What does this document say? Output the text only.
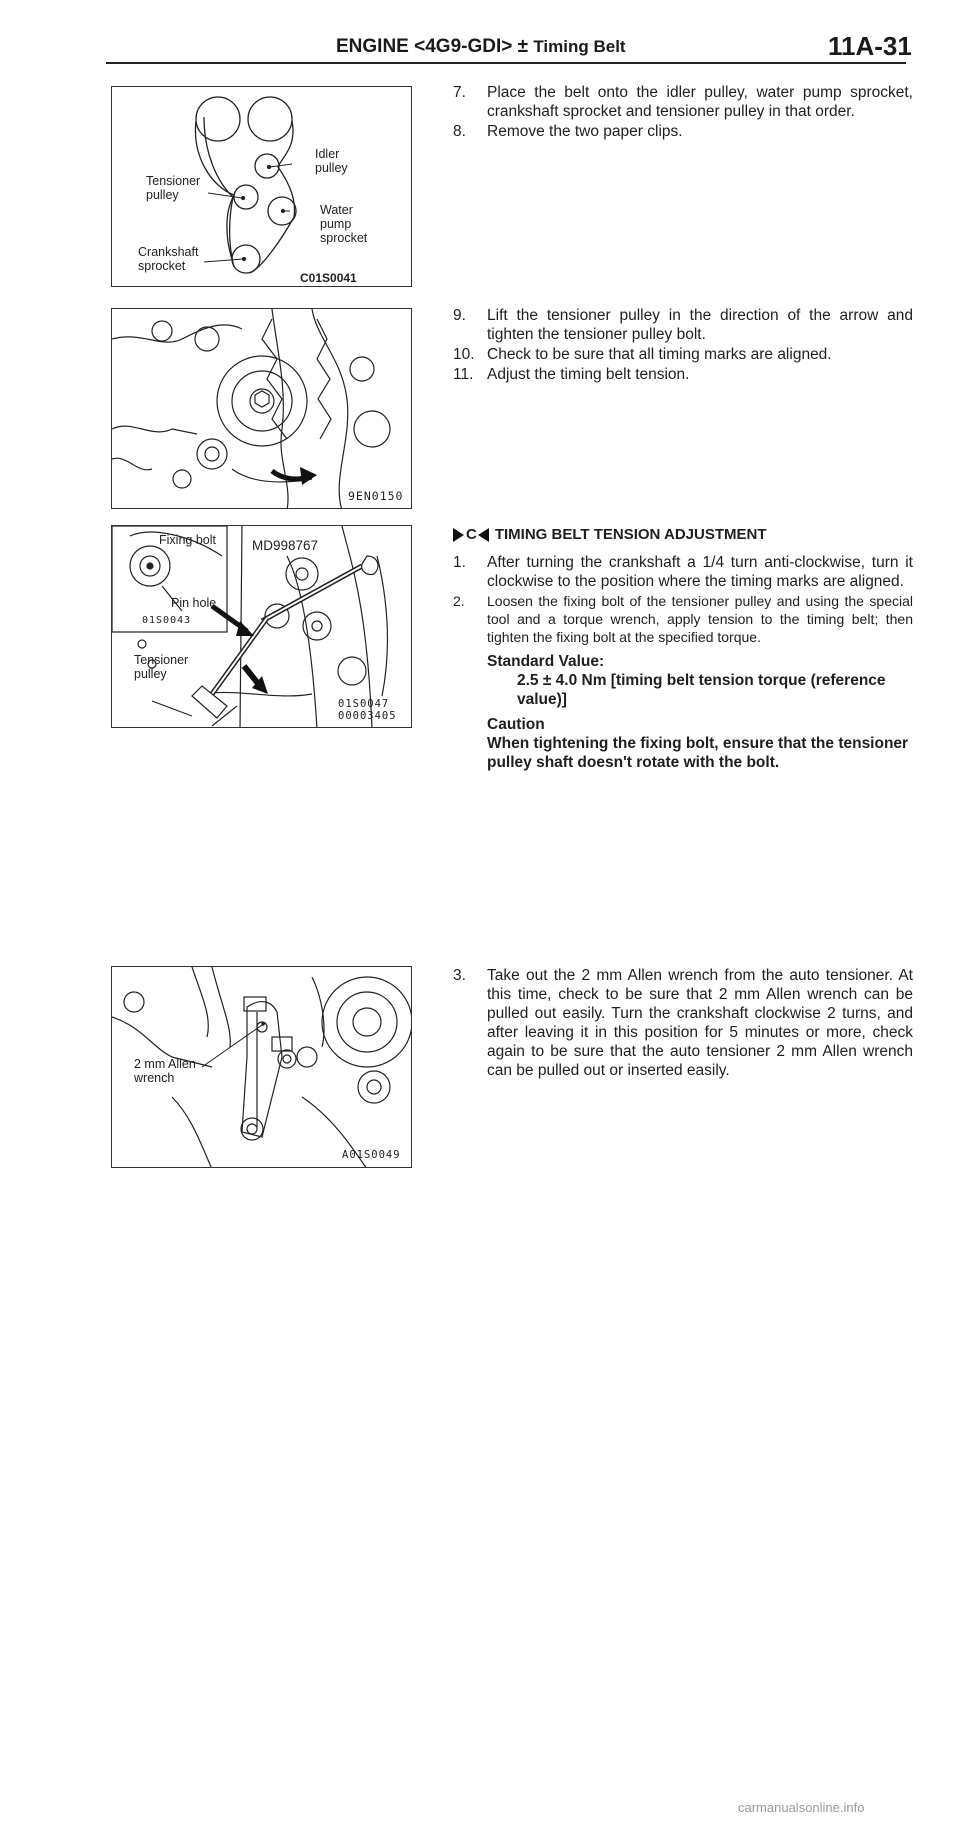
ENGINE <4G9-GDI> ± Timing Belt	11A-31
Idler
pulley
Tensioner
pulley
Water
pump
sprocket
Crankshaft
sprocket
C01S0041
7. Place the belt onto the idler pulley, water pump sprocket, crankshaft sprocket and tensioner pulley in that order.
8. Remove the two paper clips.
9EN0150
9. Lift the tensioner pulley in the direction of the arrow and tighten the tensioner pulley bolt.
10. Check to be sure that all timing marks are aligned.
11. Adjust the timing belt tension.
Fixing bolt	MD998767
Pin hole
01S0043
Tensioner
pulley
01S0047
00003405
C TIMING BELT TENSION ADJUSTMENT
1. After turning the crankshaft a 1/4 turn anti-clockwise, turn it clockwise to the position where the timing marks are aligned.
2. Loosen the fixing bolt of the tensioner pulley and using the special tool and a torque wrench, apply tension to the timing belt; then tighten the fixing bolt at the specified torque.
Standard Value:
2.5 ± 4.0 Nm [timing belt tension torque (reference value)]
Caution
When tightening the fixing bolt, ensure that the tensioner pulley shaft doesn't rotate with the bolt.
2 mm Allen
wrench
A01S0049
3. Take out the 2 mm Allen wrench from the auto tensioner. At this time, check to be sure that 2 mm Allen wrench can be pulled out easily. Turn the crankshaft clockwise 2 turns, and after leaving it in this position for 5 minutes or more, check again to be sure that the auto tensioner 2 mm Allen wrench can be pulled out or inserted easily.
carmanualsonline.info
